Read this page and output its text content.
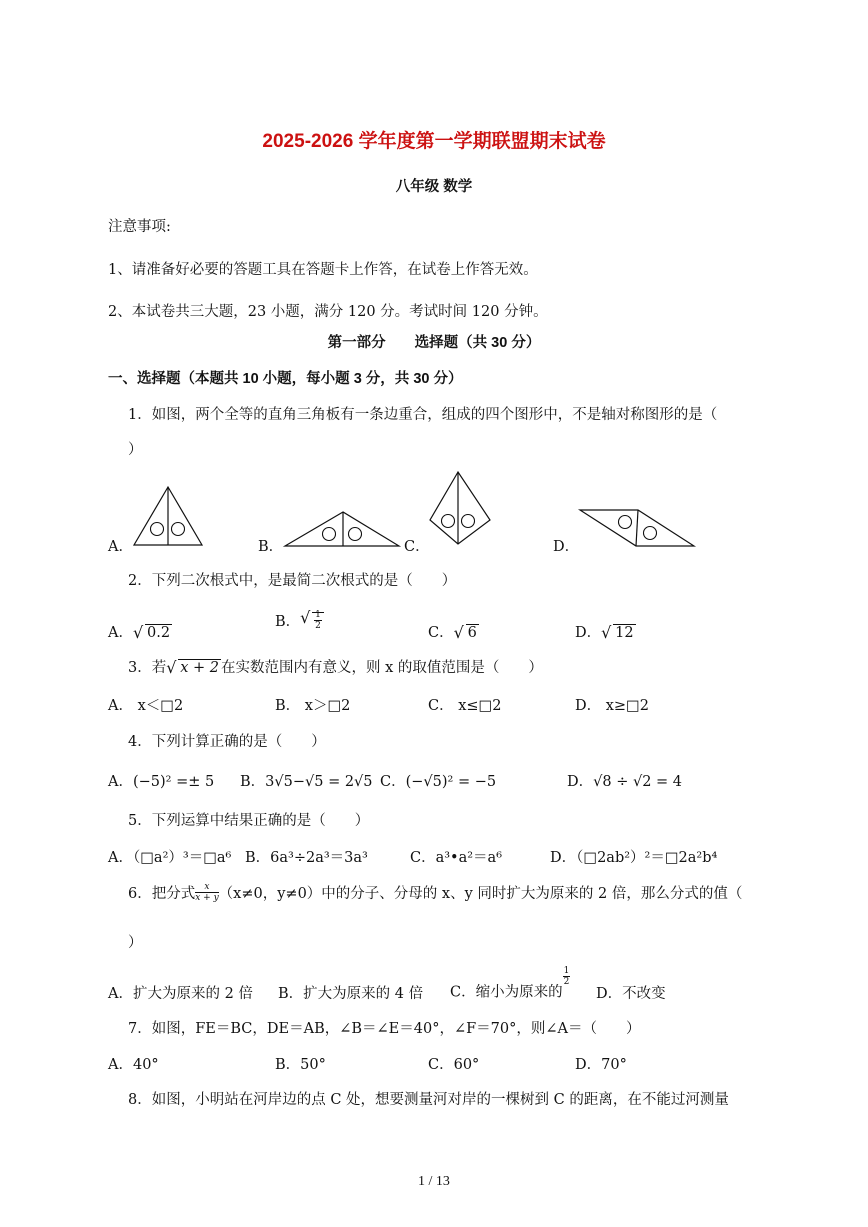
2025-2026 学年度第一学期联盟期末试卷
八年级 数学
注意事项:
1、请准备好必要的答题工具在答题卡上作答，在试卷上作答无效。
2、本试卷共三大题，23 小题，满分 120 分。考试时间 120 分钟。
第一部分　　选择题（共 30 分）
一、选择题（本题共 10 小题，每小题 3 分，共 30 分）
1．如图，两个全等的直角三角板有一条边重合，组成的四个图形中，不是轴对称图形的是（
）
A．	B．	C．	D．
2．下列二次根式中，是最简二次根式的是（　　）
A． √ 0.2
B． √ $\frac{1}{2}$
C． √ 6	D． √ 12
3．若 √ x + 2 在实数范围内有意义，则 x 的取值范围是（　　）
A． x＜□2	B． x＞□2	C． x≤□2	D． x≥□2
4．下列计算正确的是（　　）
A．(−5)² =± 5 B．3√5−√5 = 2√5 C．(−√5)² = −5	D．√8 ÷ √2 = 4
5．下列运算中结果正确的是（　　）
A．（□a²）³＝□a⁶ B．6a³÷2a³＝3a³	C．a³•a²＝a⁶	D．（□2ab²）²＝□2a²b⁴
6．把分式 $\frac{x}{x + y} (x\ne 0$，y≠0）中的分子、分母的 x、y 同时扩大为原来的 2 倍，那么分式的值（
）
A．扩大为原来的 2 倍 B．扩大为原来的 4 倍 C．缩小为原来的
$\frac{1}{2}$
D．不改变
7．如图，FE＝BC，DE＝AB，∠B＝∠E＝40°，∠F＝70°，则∠A＝（　　）
A．40°	B．50°	C．60°	D．70°
8．如图，小明站在河岸边的点 C 处，想要测量河对岸的一棵树到 C 的距离，在不能过河测量
1 / 13
